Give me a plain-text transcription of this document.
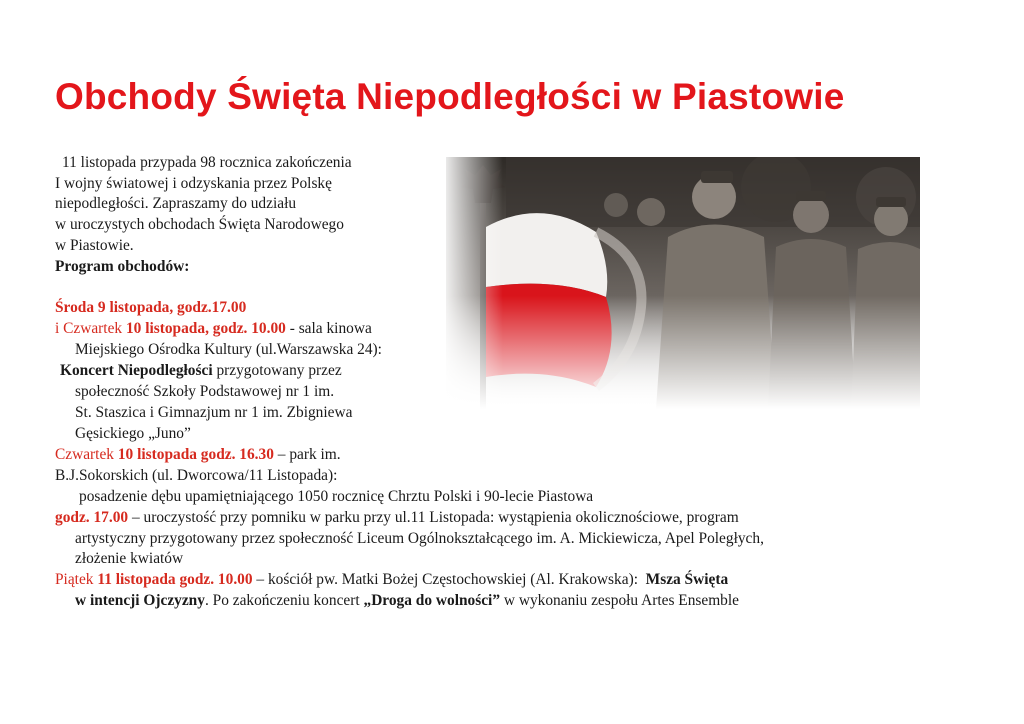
Obchody Święta Niepodległości w Piastowie
11 listopada przypada 98 rocznica zakończenia
I wojny światowej i odzyskania przez Polskę
niepodległości. Zapraszamy do udziału
w uroczystych obchodach Święta Narodowego
w Piastowie.
Program obchodów:
Środa 9 listopada, godz.17.00
i Czwartek 10 listopada, godz. 10.00 - sala kinowa
Miejskiego Ośrodka Kultury (ul.Warszawska 24):
Koncert Niepodległości przygotowany przez
społeczność Szkoły Podstawowej nr 1 im.
St. Staszica i Gimnazjum nr 1 im. Zbigniewa
Gęsickiego „Juno”
Czwartek 10 listopada godz. 16.30 – park im.
B.J.Sokorskich (ul. Dworcowa/11 Listopada):
posadzenie dębu upamiętniającego 1050 rocznicę Chrztu Polski i 90-lecie Piastowa
godz. 17.00 – uroczystość przy pomniku w parku przy ul.11 Listopada: wystąpienia okolicznościowe, program
artystyczny przygotowany przez społeczność Liceum Ogólnokształcącego im. A. Mickiewicza, Apel Poległych,
złożenie kwiatów
Piątek 11 listopada godz. 10.00 – kościół pw. Matki Bożej Częstochowskiej (Al. Krakowska):  Msza Święta
w intencji Ojczyzny. Po zakończeniu koncert „Droga do wolności” w wykonaniu zespołu Artes Ensemble
